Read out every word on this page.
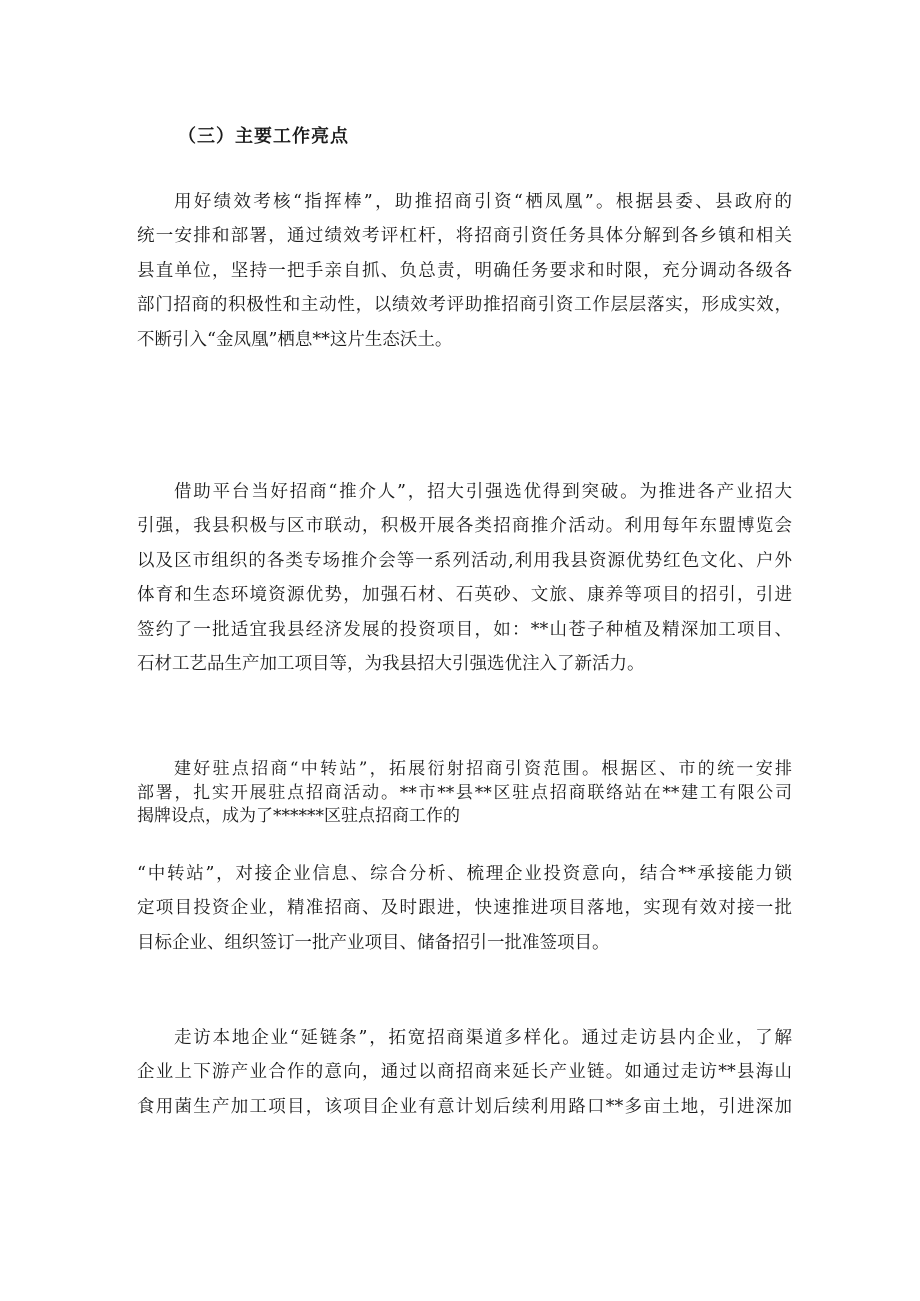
（三）主要工作亮点
用好绩效考核“指挥棒”，助推招商引资“栖凤凰”。根据县委、县政府的
统一安排和部署，通过绩效考评杠杆，将招商引资任务具体分解到各乡镇和相关
县直单位，坚持一把手亲自抓、负总责，明确任务要求和时限，充分调动各级各
部门招商的积极性和主动性，以绩效考评助推招商引资工作层层落实，形成实效，
不断引入“金凤凰”栖息**这片生态沃土。
借助平台当好招商“推介人”，招大引强选优得到突破。为推进各产业招大
引强，我县积极与区市联动，积极开展各类招商推介活动。利用每年东盟博览会
以及区市组织的各类专场推介会等一系列活动,利用我县资源优势红色文化、户外
体育和生态环境资源优势，加强石材、石英砂、文旅、康养等项目的招引，引进
签约了一批适宜我县经济发展的投资项目，如：**山苍子种植及精深加工项目、
石材工艺品生产加工项目等，为我县招大引强选优注入了新活力。
建好驻点招商“中转站”，拓展衍射招商引资范围。根据区、市的统一安排
部署，扎实开展驻点招商活动。**市**县**区驻点招商联络站在**建工有限公司
揭牌设点，成为了******区驻点招商工作的
“中转站”，对接企业信息、综合分析、梳理企业投资意向，结合**承接能力锁
定项目投资企业，精准招商、及时跟进，快速推进项目落地，实现有效对接一批
目标企业、组织签订一批产业项目、储备招引一批准签项目。
走访本地企业“延链条”，拓宽招商渠道多样化。通过走访县内企业，了解
企业上下游产业合作的意向，通过以商招商来延长产业链。如通过走访**县海山
食用菌生产加工项目，该项目企业有意计划后续利用路口**多亩土地，引进深加
